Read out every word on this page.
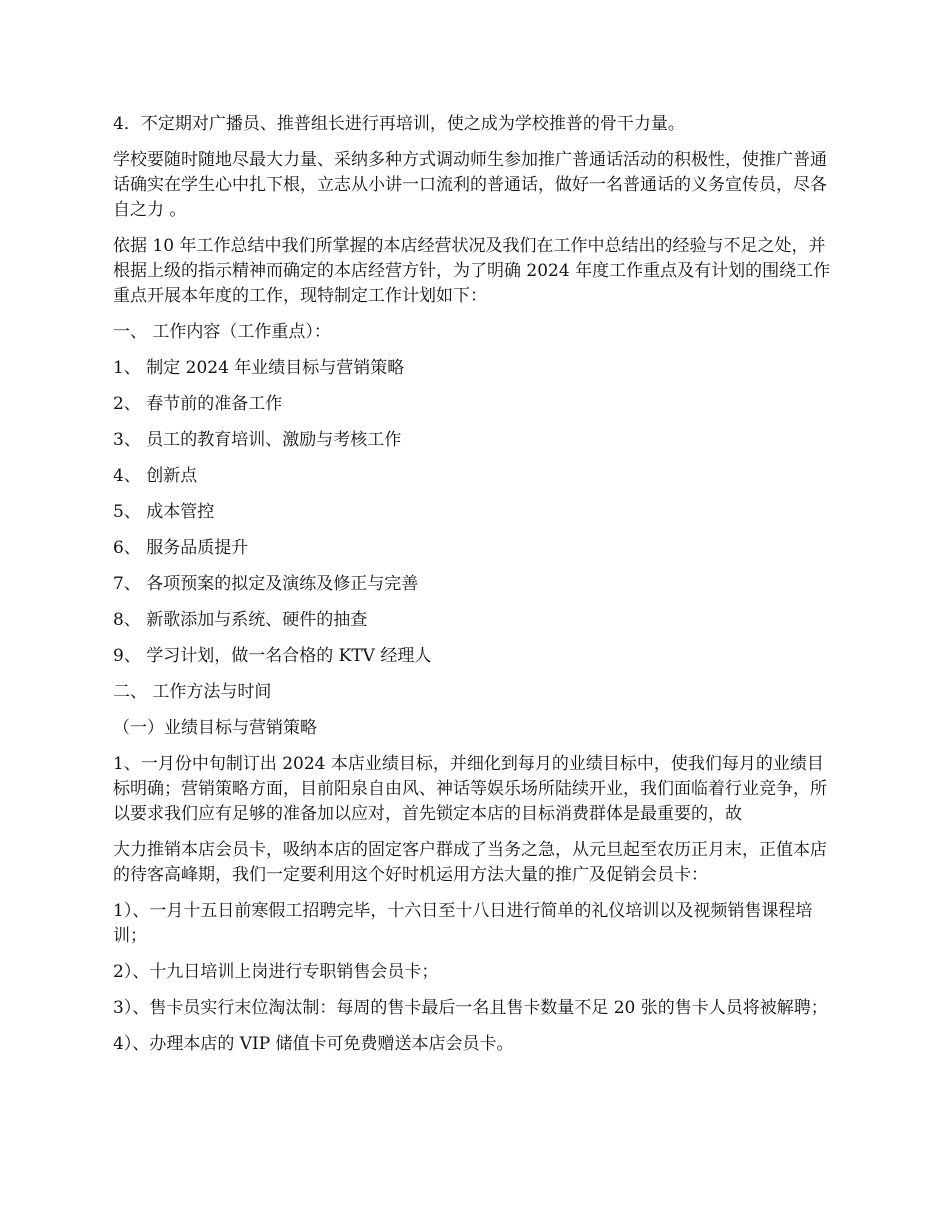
4．不定期对广播员、推普组长进行再培训，使之成为学校推普的骨干力量。

学校要随时随地尽最大力量、采纳多种方式调动师生参加推广普通话活动的积极性，使推广普通话确实在学生心中扎下根，立志从小讲一口流利的普通话，做好一名普通话的义务宣传员，尽各自之力 。

依据 10 年工作总结中我们所掌握的本店经营状况及我们在工作中总结出的经验与不足之处，并根据上级的指示精神而确定的本店经营方针，为了明确 2024 年度工作重点及有计划的围绕工作重点开展本年度的工作，现特制定工作计划如下：

一、 工作内容（工作重点）：

1、 制定 2024 年业绩目标与营销策略

2、 春节前的准备工作

3、 员工的教育培训、激励与考核工作

4、 创新点

5、 成本管控

6、 服务品质提升

7、 各项预案的拟定及演练及修正与完善

8、 新歌添加与系统、硬件的抽查

9、 学习计划，做一名合格的 KTV 经理人

二、 工作方法与时间

（一）业绩目标与营销策略

1、一月份中旬制订出 2024 本店业绩目标，并细化到每月的业绩目标中，使我们每月的业绩目标明确；营销策略方面，目前阳泉自由风、神话等娱乐场所陆续开业，我们面临着行业竞争，所以要求我们应有足够的准备加以应对，首先锁定本店的目标消费群体是最重要的，故

大力推销本店会员卡，吸纳本店的固定客户群成了当务之急，从元旦起至农历正月末，正值本店的待客高峰期，我们一定要利用这个好时机运用方法大量的推广及促销会员卡：

1）、一月十五日前寒假工招聘完毕，十六日至十八日进行简单的礼仪培训以及视频销售课程培训；

2）、十九日培训上岗进行专职销售会员卡；

3）、售卡员实行末位淘汰制：每周的售卡最后一名且售卡数量不足 20 张的售卡人员将被解聘；

4）、办理本店的 VIP 储值卡可免费赠送本店会员卡。
